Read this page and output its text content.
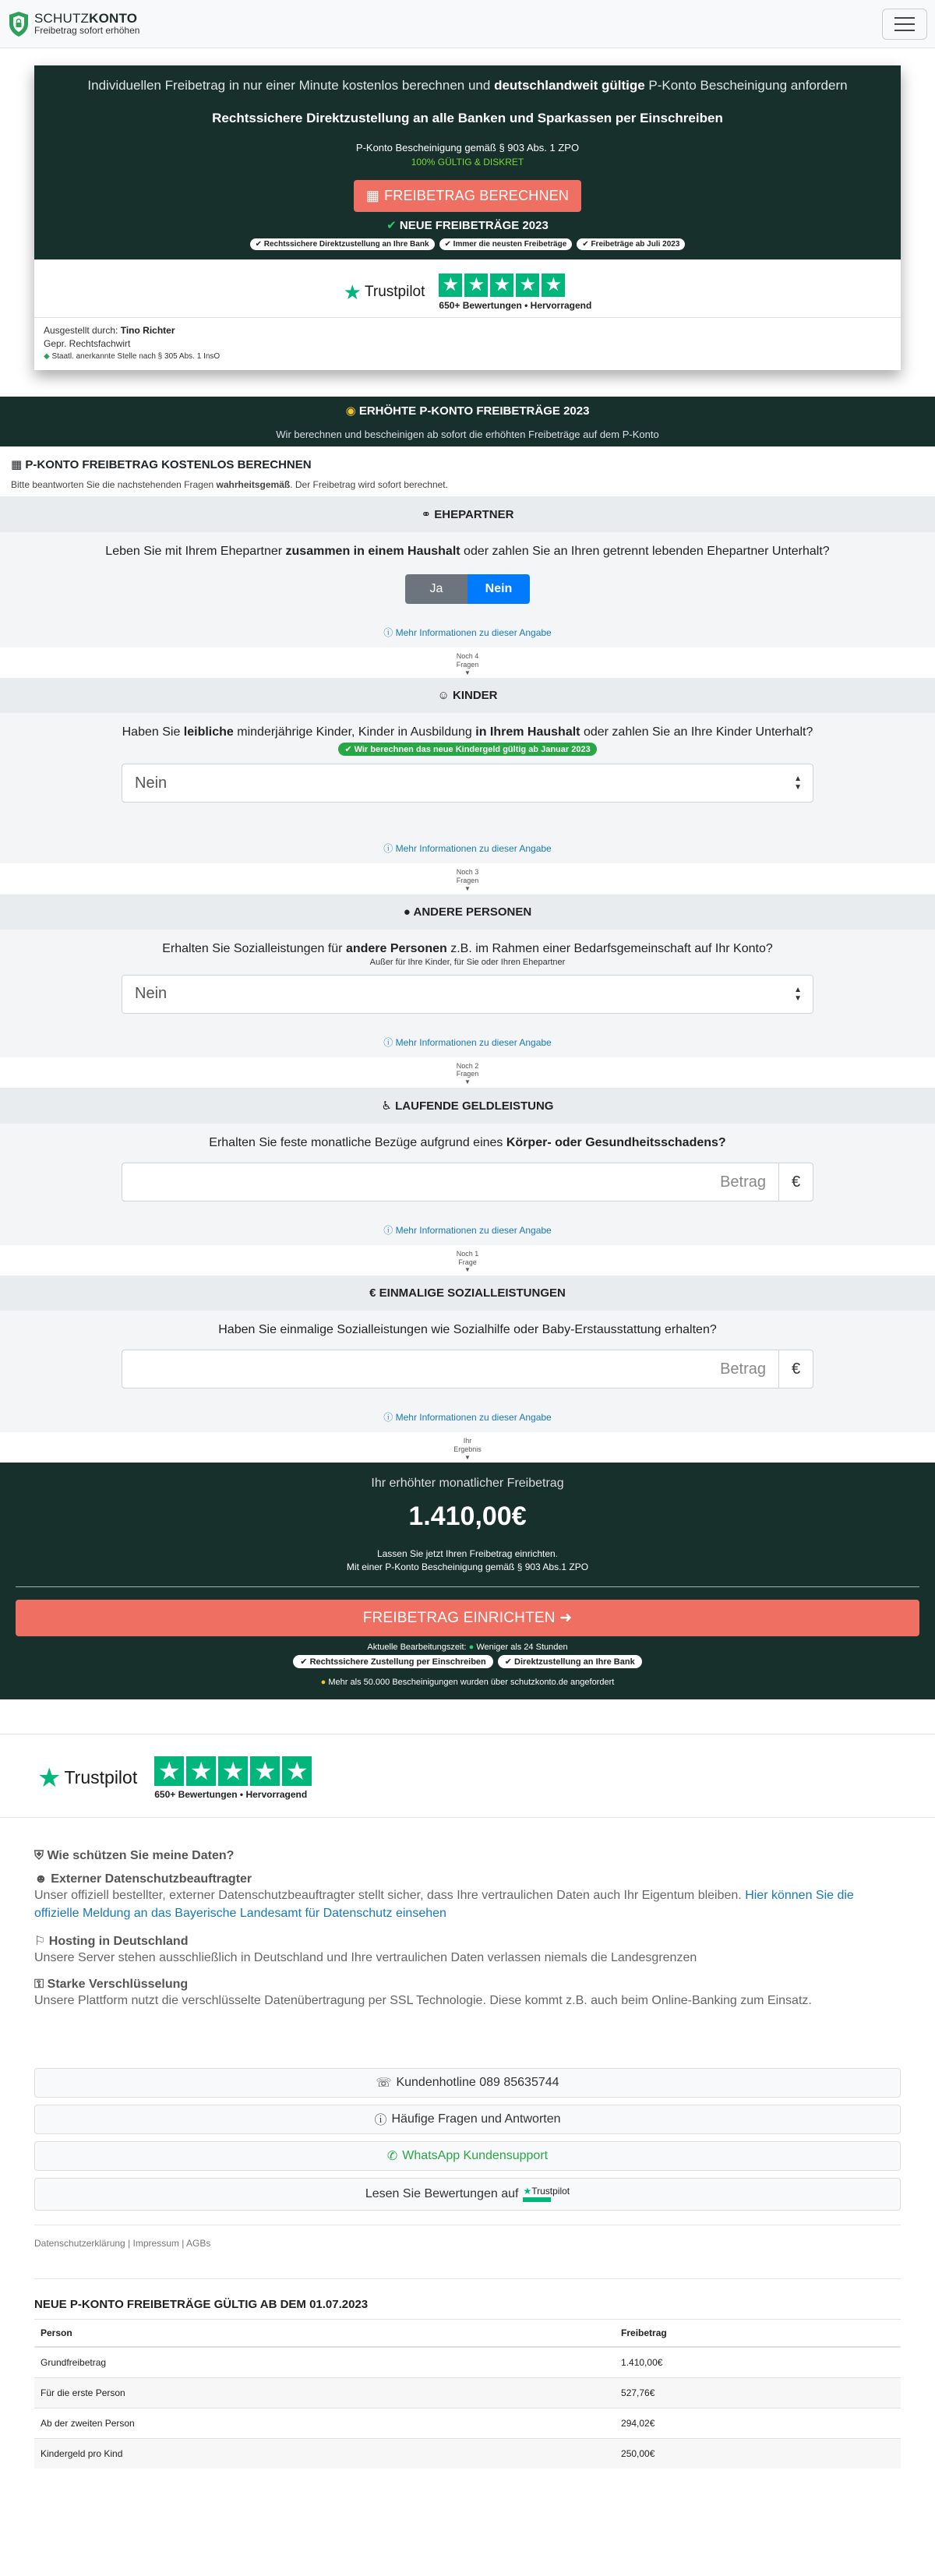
SCHUTZKONTO
Freibetrag sofort erhöhen

Individuellen Freibetrag in nur einer Minute kostenlos berechnen und deutschlandweit gültige P-Konto Bescheinigung anfordern

Rechtssichere Direktzustellung an alle Banken und Sparkassen per Einschreiben

P-Konto Bescheinigung gemäß § 903 Abs. 1 ZPO

100% GÜLTIG & DISKRET

▦ FREIBETRAG BERECHNEN

✔ NEUE FREIBETRÄGE 2023

✔ Rechtssichere Direktzustellung an Ihre Bank	✔ Immer die neusten Freibeträge	✔ Freibeträge ab Juli 2023
★ Trustpilot ★ ★ ★ ★ ★
650+ Bewertungen • Hervorragend
Ausgestellt durch: Tino Richter
Gepr. Rechtsfachwirt
◆ Staatl. anerkannte Stelle nach § 305 Abs. 1 InsO
◉ ERHÖHTE P-KONTO FREIBETRÄGE 2023
Wir berechnen und bescheinigen ab sofort die erhöhten Freibeträge auf dem P-Konto
▦ P-KONTO FREIBETRAG KOSTENLOS BERECHNEN

Bitte beantworten Sie die nachstehenden Fragen wahrheitsgemäß. Der Freibetrag wird sofort berechnet.

⚭ EHEPARTNER

Leben Sie mit Ihrem Ehepartner zusammen in einem Haushalt oder zahlen Sie an Ihren getrennt lebenden Ehepartner Unterhalt?

Ja	Nein
ⓘ Mehr Informationen zu dieser Angabe
Noch 4
Fragen
▼
☺ KINDER

Haben Sie leibliche minderjährige Kinder, Kinder in Ausbildung in Ihrem Haushalt oder zahlen Sie an Ihre Kinder Unterhalt?

✔ Wir berechnen das neue Kindergeld gültig ab Januar 2023
Nein	▲
▼
ⓘ Mehr Informationen zu dieser Angabe
Noch 3
Fragen
▼
● ANDERE PERSONEN

Erhalten Sie Sozialleistungen für andere Personen z.B. im Rahmen einer Bedarfsgemeinschaft auf Ihr Konto?

Außer für Ihre Kinder, für Sie oder Ihren Ehepartner

Nein	▲
▼
ⓘ Mehr Informationen zu dieser Angabe
Noch 2
Fragen
▼
♿ LAUFENDE GELDLEISTUNG

Erhalten Sie feste monatliche Bezüge aufgrund eines Körper- oder Gesundheitsschadens?

Betrag	€
ⓘ Mehr Informationen zu dieser Angabe
Noch 1
Frage
▼
€ EINMALIGE SOZIALLEISTUNGEN

Haben Sie einmalige Sozialleistungen wie Sozialhilfe oder Baby-Erstausstattung erhalten?

Betrag	€
ⓘ Mehr Informationen zu dieser Angabe
Ihr
Ergebnis
▼
Ihr erhöhter monatlicher Freibetrag
1.410,00€
Lassen Sie jetzt Ihren Freibetrag einrichten.
Mit einer P-Konto Bescheinigung gemäß § 903 Abs.1 ZPO
FREIBETRAG EINRICHTEN ➜
Aktuelle Bearbeitungszeit: ● Weniger als 24 Stunden
✔ Rechtssichere Zustellung per Einschreiben	✔ Direktzustellung an Ihre Bank
● Mehr als 50.000 Bescheinigungen wurden über schutzkonto.de angefordert
★ Trustpilot ★ ★ ★ ★ ★
650+ Bewertungen • Hervorragend
⛨ Wie schützen Sie meine Daten?
☻ Externer Datenschutzbeauftragter
Unser offiziell bestellter, externer Datenschutzbeauftragter stellt sicher, dass Ihre vertraulichen Daten auch Ihr Eigentum bleiben. Hier können Sie die offizielle Meldung an das Bayerische Landesamt für Datenschutz einsehen
⚐ Hosting in Deutschland
Unsere Server stehen ausschließlich in Deutschland und Ihre vertraulichen Daten verlassen niemals die Landesgrenzen
⚿ Starke Verschlüsselung
Unsere Plattform nutzt die verschlüsselte Datenübertragung per SSL Technologie. Diese kommt z.B. auch beim Online-Banking zum Einsatz.
☏ Kundenhotline 089 85635744
ⓘ Häufige Fragen und Antworten
✆ WhatsApp Kundensupport
Lesen Sie Bewertungen auf ★Trustpilot
Datenschutzerklärung | Impressum | AGBs
NEUE P-KONTO FREIBETRÄGE GÜLTIG AB DEM 01.07.2023
Person	Freibetrag
Grundfreibetrag	1.410,00€
Für die erste Person	527,76€
Ab der zweiten Person	294,02€
Kindergeld pro Kind	250,00€
